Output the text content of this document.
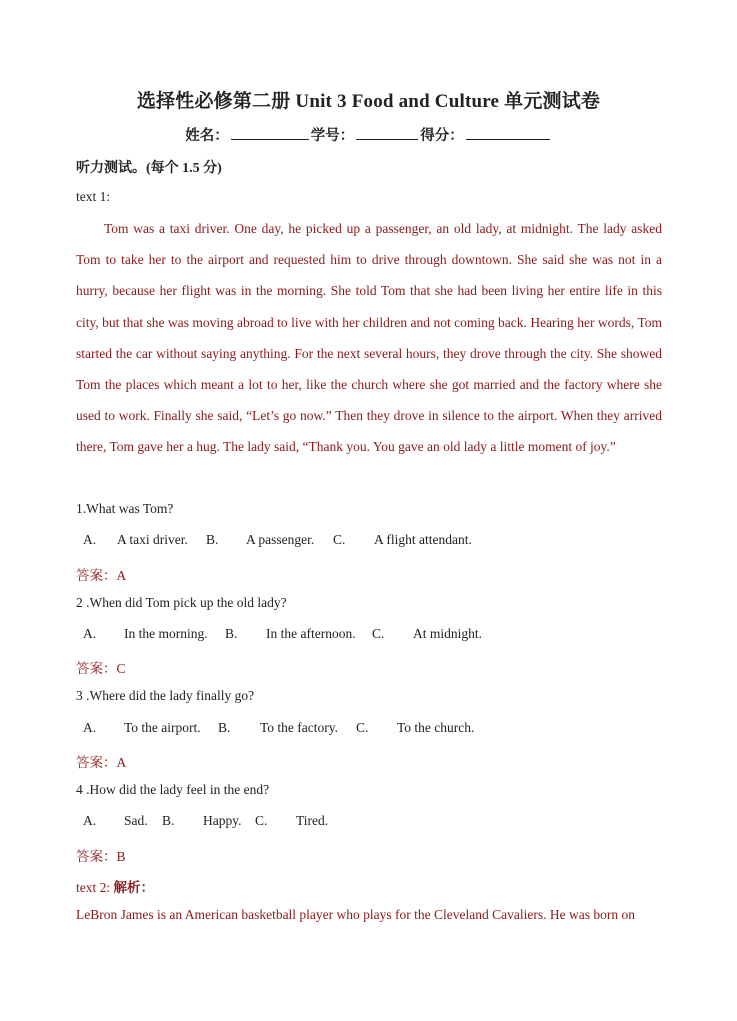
选择性必修第二册 Unit 3 Food and Culture 单元测试卷
姓名：	学号：	得分：
听力测试。(每个 1.5 分)
text 1:
Tom was a taxi driver. One day, he picked up a passenger, an old lady, at midnight. The lady asked Tom to take her to the airport and requested him to drive through downtown. She said she was not in a hurry, because her flight was in the morning. She told Tom that she had been living her entire life in this city, but that she was moving abroad to live with her children and not coming back. Hearing her words, Tom started the car without saying anything. For the next several hours, they drove through the city. She showed Tom the places which meant a lot to her, like the church where she got married and the factory where she used to work. Finally she said, “Let’s go now.” Then they drove in silence to the airport. When they arrived there, Tom gave her a hug. The lady said, “Thank you. You gave an old lady a little moment of joy.”
1.What was Tom?
A. A taxi driver. B. A passenger. C. A flight attendant.
答案：A
2 .When did Tom pick up the old lady?
A. In the morning. B. In the afternoon. C. At midnight.
答案：C
3 .Where did the lady finally go?
A. To the airport. B. To the factory. C. To the church.
答案：A
4 .How did the lady feel in the end?
A. Sad. B. Happy. C. Tired.
答案：B
text 2: 解析：
LeBron James is an American basketball player who plays for the Cleveland Cavaliers. He was born on
